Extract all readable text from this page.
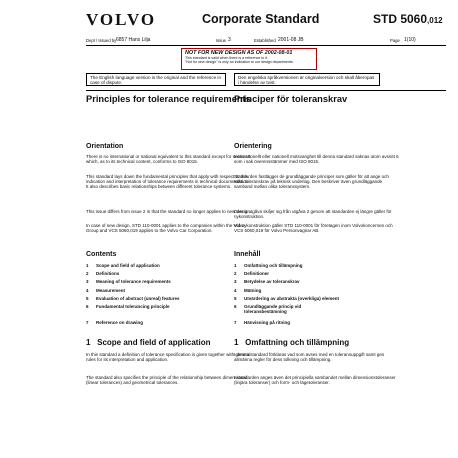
VOLVO	Corporate Standard	STD 5060,012
Dept / Issued by 6857 Hans Lilja	Issue 3	Established 2001-08 JB	Page 1(10)
NOT FOR NEW DESIGN AS OF 2002-08-01
This standard is valid when there is a reference to it.
"Not for new design" is only an indication to our design departments.
The English language version is the original and the reference in case of dispute.
Den engelska språkversionen är originalversion och skall åberopas i händelse av tvist.
Principles for tolerance requirements
Orientation
There is no international or national equivalent to this standard except for section 6 which, as to its technical content, conforms to ISO 8015.
This standard lays down the fundamental principles that apply with respect to the indication and interpretation of tolerance requirements in technical documentation. It also describes basic relationships between different tolerance systems.
This issue differs from issue 2 in that the standard no longer applies to new design.
In case of new design, STD 110-0001 applies to the companies within the Volvo Group and VCS 5060,019 applies to the Volvo Car Corporation.
Contents
1 Scope and field of application
2 Definitions
3 Meaning of tolerance requirements
4 Measurement
5 Evaluation of abstract (unreal) features
6 Fundamental tolerancing principle
7 Reference on drawing
1 Scope and field of application
In this standard a definition of tolerance specification is given together with general rules for its interpretation and application.
The standard also specifies the principle of the relationship between dimensional (linear tolerances) and geometrical tolerances.
Principer för toleranskrav
Orientering
Internationellt eller nationell motsvarighet till denna standard saknas utom avsnitt 6 som i sak överensstämmer med ISO 8015.
Standarden fastlägger de grundläggande principer som gäller för att ange och tolka toleranskrav på teknisk underlag. Den beskriver även grundläggande samband mellan olika toleranssystem.
Denna utgåva skiljer sig från utgåva 2 genom att standarden ej längre gäller för nykonstruktion.
Vid nykonstruktion gäller STD 110-0001 för företagen inom Volvokoncernen och VCS 5060,019 för Volvo Personvagnar AB.
Innehåll
1 Omfattning och tillämpning
2 Definitioner
3 Betydelse av toleranskrav
4 Mätning
5 Utvärdering av abstrakta (overkliga) element
6 Grundläggande princip vid
toleransbestämning
7 Hänvisning på ritning
1 Omfattning och tillämpning
I denna standard förklaras vad som avses med en toleransuppgift samt ges allmänna regler för dess tolkning och tillämpning.
I standarden anges även det principiella sambandet mellan dimensionstoleranser (linjära toleranser) och form- och lägetoleranser.
